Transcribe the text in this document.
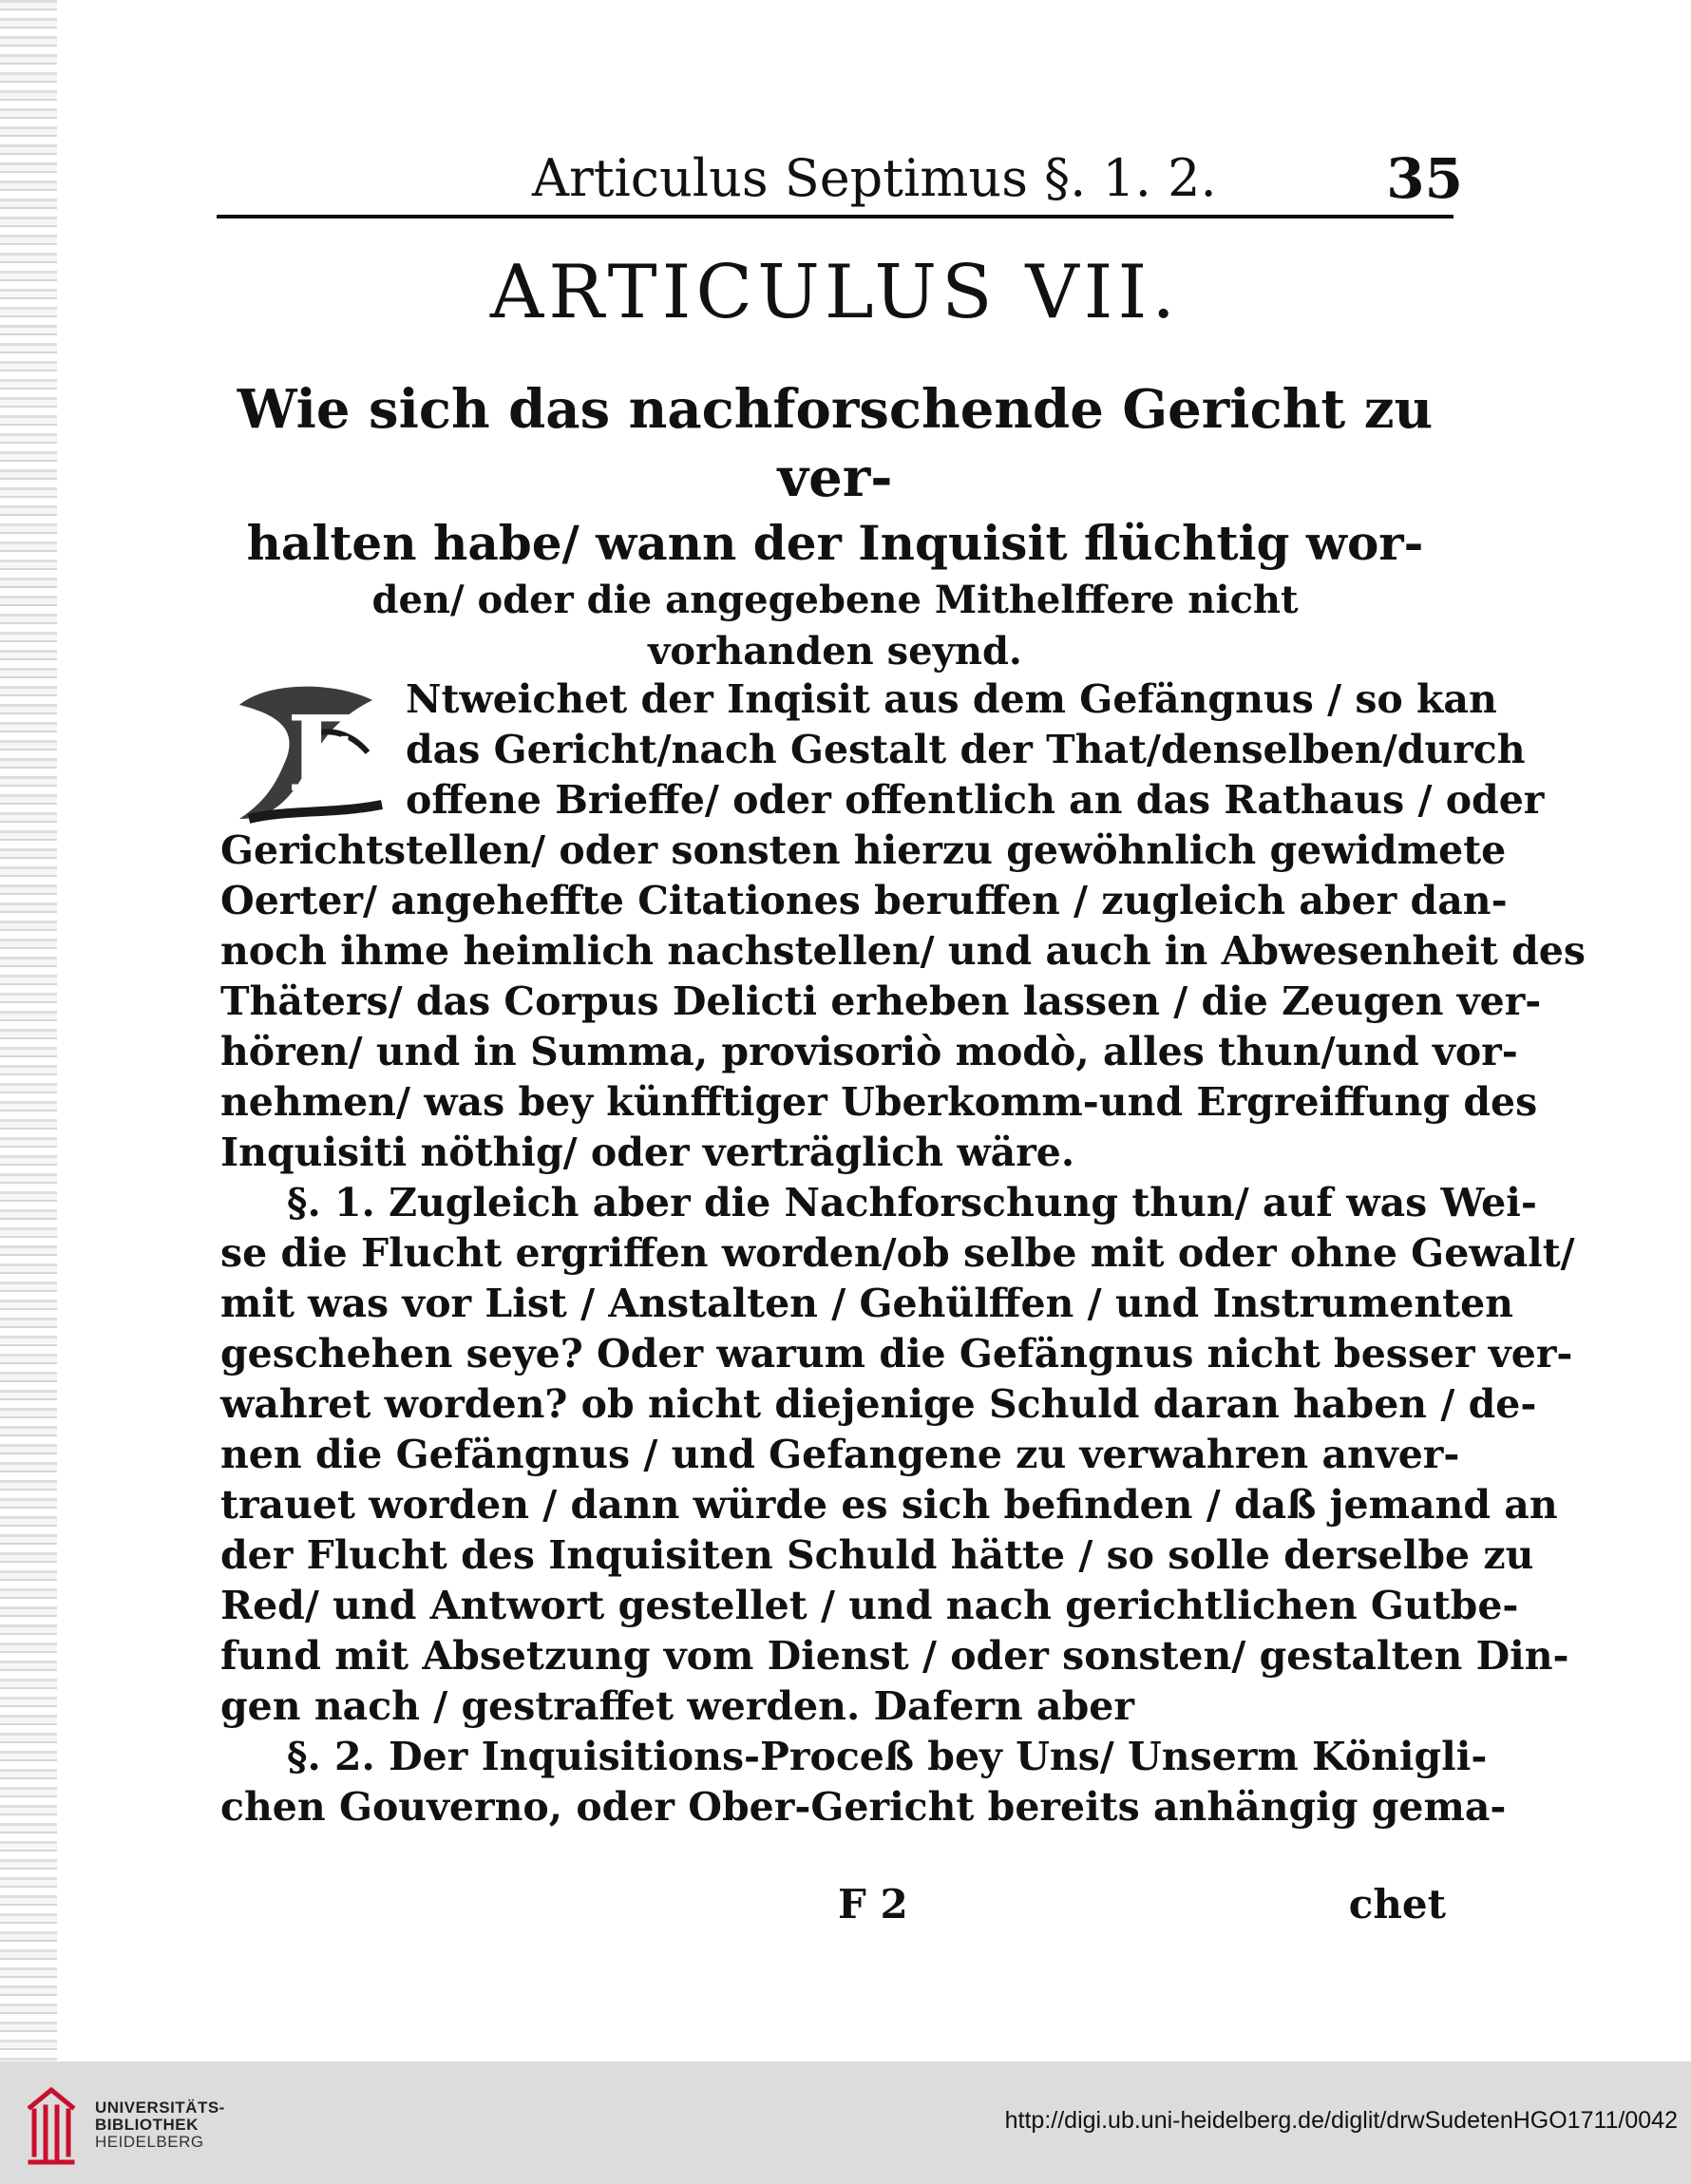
Articulus Septimus §. 1. 2.	35
ARTICULUS VII.
Wie sich das nachforschende Gericht zu ver-
halten habe/ wann der Inquisit flüchtig wor-
den/ oder die angegebene Mithelffere nicht
vorhanden seynd.
E	Ntweichet der Inqisit aus dem Gefängnus / so kan
das Gericht/nach Gestalt der That/denselben/durch
offene Brieffe/ oder offentlich an das Rathaus / oder
Gerichtstellen/ oder sonsten hierzu gewöhnlich gewidmete
Oerter/ angeheffte Citationes beruffen / zugleich aber dan-
noch ihme heimlich nachstellen/ und auch in Abwesenheit des
Thäters/ das Corpus Delicti erheben lassen / die Zeugen ver-
hören/ und in Summa, provisoriò modò, alles thun/und vor-
nehmen/ was bey künfftiger Uberkomm-und Ergreiffung des
Inquisiti nöthig/ oder verträglich wäre.
§. 1. Zugleich aber die Nachforschung thun/ auf was Wei-
se die Flucht ergriffen worden/ob selbe mit oder ohne Gewalt/
mit was vor List / Anstalten / Gehülffen / und Instrumenten
geschehen seye? Oder warum die Gefängnus nicht besser ver-
wahret worden? ob nicht diejenige Schuld daran haben / de-
nen die Gefängnus / und Gefangene zu verwahren anver-
trauet worden / dann würde es sich befinden / daß jemand an
der Flucht des Inquisiten Schuld hätte / so solle derselbe zu
Red/ und Antwort gestellet / und nach gerichtlichen Gutbe-
fund mit Absetzung vom Dienst / oder sonsten/ gestalten Din-
gen nach / gestraffet werden. Dafern aber
§. 2. Der Inquisitions-Proceß bey Uns/ Unserm Königli-
chen Gouverno, oder Ober-Gericht bereits anhängig gema-
F 2	chet
UNIVERSITÄTS-
BIBLIOTHEK
HEIDELBERG
http://digi.ub.uni-heidelberg.de/diglit/drwSudetenHGO1711/0042
